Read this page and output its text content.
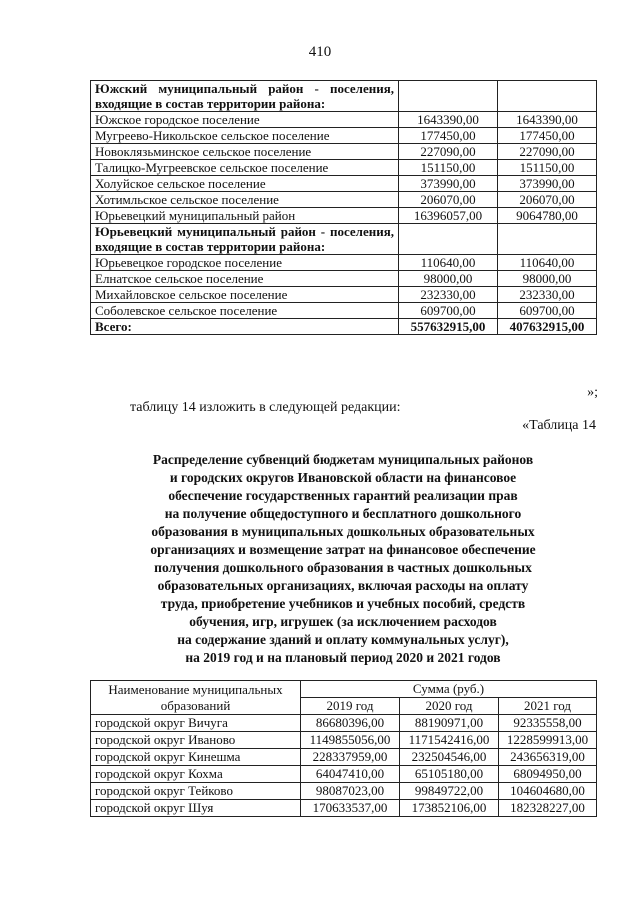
410
Южский муниципальный район - поселения, входящие в состав территории района:		
Южское городское поселение	1643390,00	1643390,00
Мугреево-Никольское сельское поселение	177450,00	177450,00
Новоклязьминское сельское поселение	227090,00	227090,00
Талицко-Мугреевское сельское поселение	151150,00	151150,00
Холуйское сельское поселение	373990,00	373990,00
Хотимльское сельское поселение	206070,00	206070,00
Юрьевецкий муниципальный район	16396057,00	9064780,00
Юрьевецкий муниципальный район - поселения, входящие в состав территории района:		
Юрьевецкое городское поселение	110640,00	110640,00
Елнатское сельское поселение	98000,00	98000,00
Михайловское сельское поселение	232330,00	232330,00
Соболевское сельское поселение	609700,00	609700,00
Всего:	557632915,00	407632915,00
»;
таблицу 14 изложить в следующей редакции:
«Таблица 14
Распределение субвенций бюджетам муниципальных районов
и городских округов Ивановской области на финансовое
обеспечение государственных гарантий реализации прав
на получение общедоступного и бесплатного дошкольного
образования в муниципальных дошкольных образовательных
организациях и возмещение затрат на финансовое обеспечение
получения дошкольного образования в частных дошкольных
образовательных организациях, включая расходы на оплату
труда, приобретение учебников и учебных пособий, средств
обучения, игр, игрушек (за исключением расходов
на содержание зданий и оплату коммунальных услуг),
на 2019 год и на плановый период 2020 и 2021 годов
Наименование муниципальных образований	Сумма (руб.)		
	2019 год	2020 год	2021 год
городской округ Вичуга	86680396,00	88190971,00	92335558,00
городской округ Иваново	1149855056,00	1171542416,00	1228599913,00
городской округ Кинешма	228337959,00	232504546,00	243656319,00
городской округ Кохма	64047410,00	65105180,00	68094950,00
городской округ Тейково	98087023,00	99849722,00	104604680,00
городской округ Шуя	170633537,00	173852106,00	182328227,00
